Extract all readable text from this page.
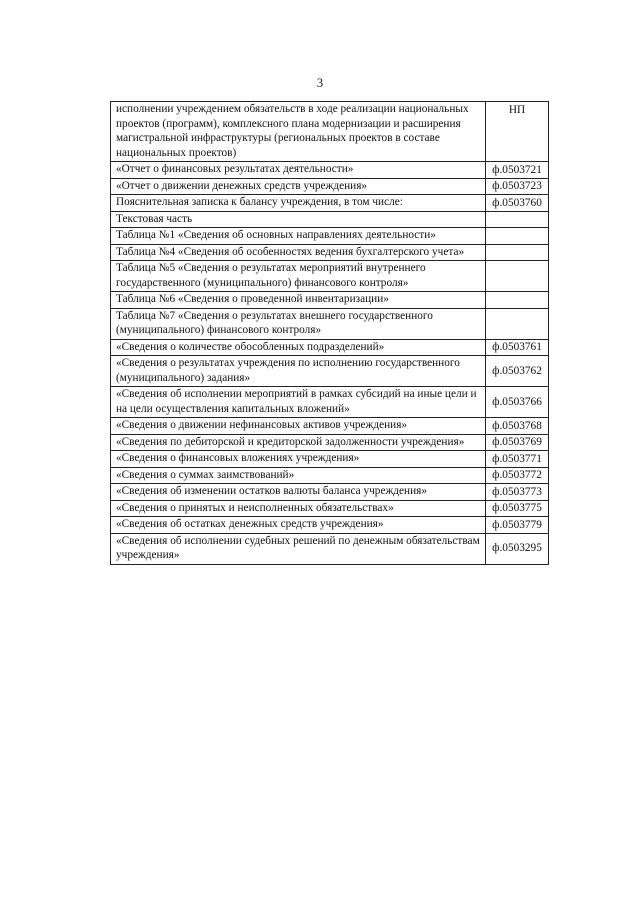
3
исполнении учреждением обязательств в ходе реализации национальных проектов (программ), комплексного плана модернизации и расширения магистральной инфраструктуры (региональных проектов в составе национальных проектов)	НП
«Отчет о финансовых результатах деятельности»	ф.0503721
«Отчет о движении денежных средств учреждения»	ф.0503723
Пояснительная записка к балансу учреждения, в том числе:	ф.0503760
Текстовая часть	
Таблица №1 «Сведения об основных направлениях деятельности»	
Таблица №4 «Сведения об особенностях ведения бухгалтерского учета»	
Таблица №5 «Сведения о результатах мероприятий внутреннего государственного (муниципального) финансового контроля»	
Таблица №6 «Сведения о проведенной инвентаризации»	
Таблица №7 «Сведения о результатах внешнего государственного (муниципального) финансового контроля»	
«Сведения о количестве обособленных подразделений»	ф.0503761
«Сведения о результатах учреждения по исполнению государственного (муниципального) задания»	ф.0503762
«Сведения об исполнении мероприятий в рамках субсидий на иные цели и на цели осуществления капитальных вложений»	ф.0503766
«Сведения о движении нефинансовых активов учреждения»	ф.0503768
«Сведения по дебиторской и кредиторской задолженности учреждения»	ф.0503769
«Сведения о финансовых вложениях учреждения»	ф.0503771
«Сведения о суммах заимствований»	ф.0503772
«Сведения об изменении остатков валюты баланса учреждения»	ф.0503773
«Сведения о принятых и неисполненных обязательствах»	ф.0503775
«Сведения об остатках денежных средств учреждения»	ф.0503779
«Сведения об исполнении судебных решений по денежным обязательствам учреждения»	ф.0503295
